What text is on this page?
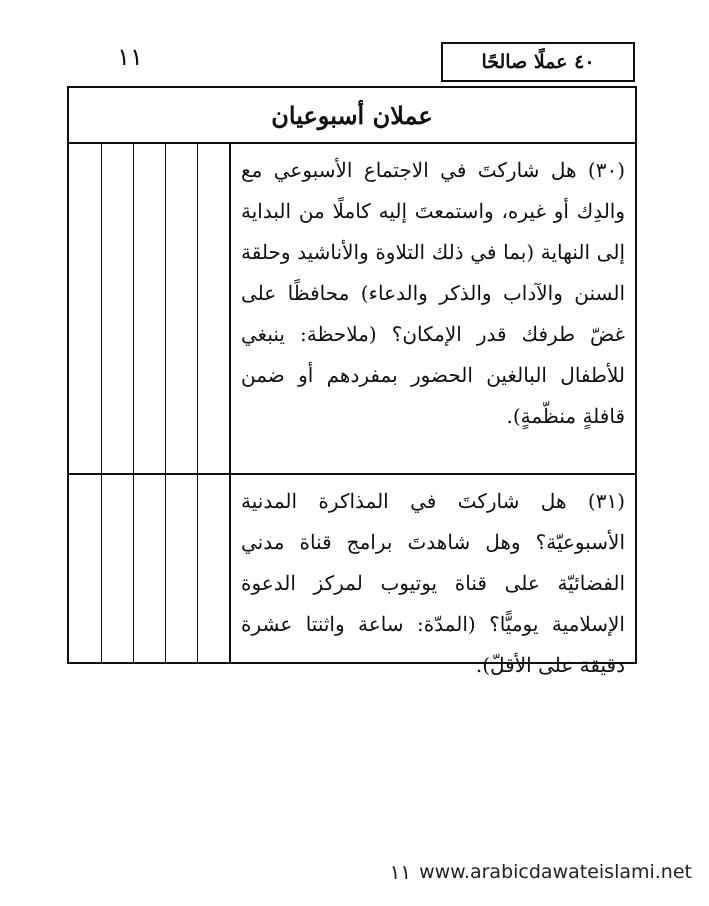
١١	٤٠ عملًا صالحًا
عملان أسبوعيان

(٣٠) هل شاركتَ في الاجتماع الأسبوعي مع والدِك أو غيره، واستمعتَ إليه كاملًا من البداية إلى النهاية (بما في ذلك التلاوة والأناشيد وحلقة السنن والآداب والذكر والدعاء) محافظًا على غضّ طرفك قدر الإمكان؟ (ملاحظة: ينبغي للأطفال البالغين الحضور بمفردهم أو ضمن قافلةٍ منظّمةٍ).

(٣١) هل شاركتَ في المذاكرة المدنية الأسبوعيّة؟ وهل شاهدتَ برامج قناة مدني الفضائيّة على قناة يوتيوب لمركز الدعوة الإسلامية يوميًّا؟ (المدّة: ساعة واثنتا عشرة دقيقة على الأقلّ).

١١ www.arabicdawateislami.net
